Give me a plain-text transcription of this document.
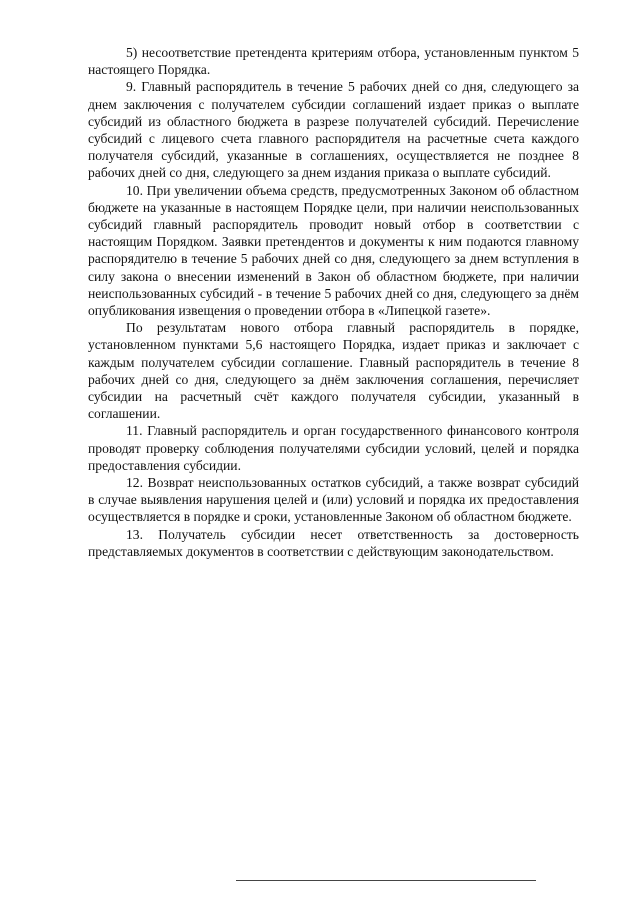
5) несоответствие претендента критериям отбора, установленным пунктом 5 настоящего Порядка.

9. Главный распорядитель в течение 5 рабочих дней со дня, следующего за днем заключения с получателем субсидии соглашений издает приказ о выплате субсидий из областного бюджета в разрезе получателей субсидий. Перечисление субсидий с лицевого счета главного распорядителя на расчетные счета каждого получателя субсидий, указанные в соглашениях, осуществляется не позднее 8 рабочих дней со дня, следующего за днем издания приказа о выплате субсидий.

10. При увеличении объема средств, предусмотренных Законом об областном бюджете на указанные в настоящем Порядке цели, при наличии неиспользованных субсидий главный распорядитель проводит новый отбор в соответствии с настоящим Порядком. Заявки претендентов и документы к ним подаются главному распорядителю в течение 5 рабочих дней со дня, следующего за днем вступления в силу закона о внесении изменений в Закон об областном бюджете, при наличии неиспользованных субсидий - в течение 5 рабочих дней со дня, следующего за днём опубликования извещения о проведении отбора в «Липецкой газете».

По результатам нового отбора главный распорядитель в порядке, установленном пунктами 5,6 настоящего Порядка, издает приказ и заключает с каждым получателем субсидии соглашение. Главный распорядитель в течение 8 рабочих дней со дня, следующего за днём заключения соглашения, перечисляет субсидии на расчетный счёт каждого получателя субсидии, указанный в соглашении.

11. Главный распорядитель и орган государственного финансового контроля проводят проверку соблюдения получателями субсидии условий, целей и порядка предоставления субсидии.

12. Возврат неиспользованных остатков субсидий, а также возврат субсидий в случае выявления нарушения целей и (или) условий и порядка их предоставления осуществляется в порядке и сроки, установленные Законом об областном бюджете.

13. Получатель субсидии несет ответственность за достоверность представляемых документов в соответствии с действующим законодательством.
